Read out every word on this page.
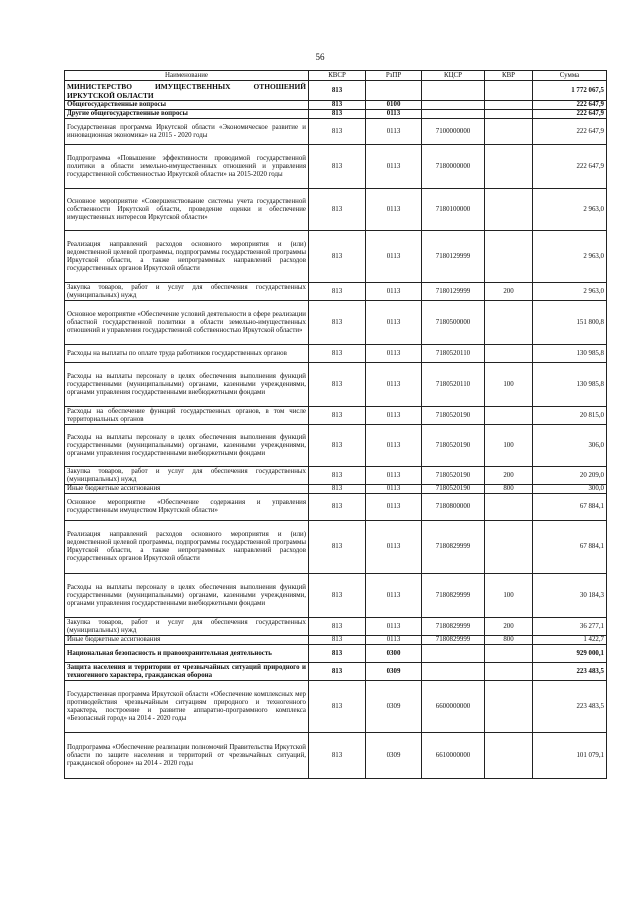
56
Наименование	КВСР	РзПР	КЦСР	КВР	Сумма
МИНИСТЕРСТВО ИМУЩЕСТВЕННЫХ ОТНОШЕНИЙ ИРКУТСКОЙ ОБЛАСТИ	813				1 772 067,5
Общегосударственные вопросы	813	0100			222 647,9
Другие общегосударственные вопросы	813	0113			222 647,9
Государственная программа Иркутской области «Экономическое развитие и инновационная экономика» на 2015 - 2020 годы	813	0113	7100000000		222 647,9
Подпрограмма «Повышение эффективности проводимой государственной политики в области земельно-имущественных отношений и управления государственной собственностью Иркутской области» на 2015-2020 годы	813	0113	7180000000		222 647,9
Основное мероприятие «Совершенствование системы учета государственной собственности Иркутской области, проведение оценки и обеспечение имущественных интересов Иркутской области»	813	0113	7180100000		2 963,0
Реализация направлений расходов основного мероприятия и (или) ведомственной целевой программы, подпрограммы государственной программы Иркутской области, а также непрограммных направлений расходов государственных органов Иркутской области	813	0113	7180129999		2 963,0
Закупка товаров, работ и услуг для обеспечения государственных (муниципальных) нужд	813	0113	7180129999	200	2 963,0
Основное мероприятие «Обеспечение условий деятельности в сфере реализации областной государственной политики в области земельно-имущественных отношений и управления государственной собственностью Иркутской области»	813	0113	7180500000		151 800,8
Расходы на выплаты по оплате труда работников государственных органов	813	0113	7180520110		130 985,8
Расходы на выплаты персоналу в целях обеспечения выполнения функций государственными (муниципальными) органами, казенными учреждениями, органами управления государственными внебюджетными фондами	813	0113	7180520110	100	130 985,8
Расходы на обеспечение функций государственных органов, в том числе территориальных органов	813	0113	7180520190		20 815,0
Расходы на выплаты персоналу в целях обеспечения выполнения функций государственными (муниципальными) органами, казенными учреждениями, органами управления государственными внебюджетными фондами	813	0113	7180520190	100	306,0
Закупка товаров, работ и услуг для обеспечения государственных (муниципальных) нужд	813	0113	7180520190	200	20 209,0
Иные бюджетные ассигнования	813	0113	7180520190	800	300,0
Основное мероприятие «Обеспечение содержания и управления государственным имуществом Иркутской области»	813	0113	7180800000		67 884,1
Реализация направлений расходов основного мероприятия и (или) ведомственной целевой программы, подпрограммы государственной программы Иркутской области, а также непрограммных направлений расходов государственных органов Иркутской области	813	0113	7180829999		67 884,1
Расходы на выплаты персоналу в целях обеспечения выполнения функций государственными (муниципальными) органами, казенными учреждениями, органами управления государственными внебюджетными фондами	813	0113	7180829999	100	30 184,3
Закупка товаров, работ и услуг для обеспечения государственных (муниципальных) нужд	813	0113	7180829999	200	36 277,1
Иные бюджетные ассигнования	813	0113	7180829999	800	1 422,7
Национальная безопасность и правоохранительная деятельность	813	0300			929 000,1
Защита населения и территории от чрезвычайных ситуаций природного и техногенного характера, гражданская оборона	813	0309			223 483,5
Государственная программа Иркутской области «Обеспечение комплексных мер противодействия чрезвычайным ситуациям природного и техногенного характера, построение и развитие аппаратно-программного комплекса «Безопасный город» на 2014 - 2020 годы	813	0309	6600000000		223 483,5
Подпрограмма «Обеспечение реализации полномочий Правительства Иркутской области по защите населения и территорий от чрезвычайных ситуаций, гражданской обороне» на 2014 - 2020 годы	813	0309	6610000000		101 079,1
